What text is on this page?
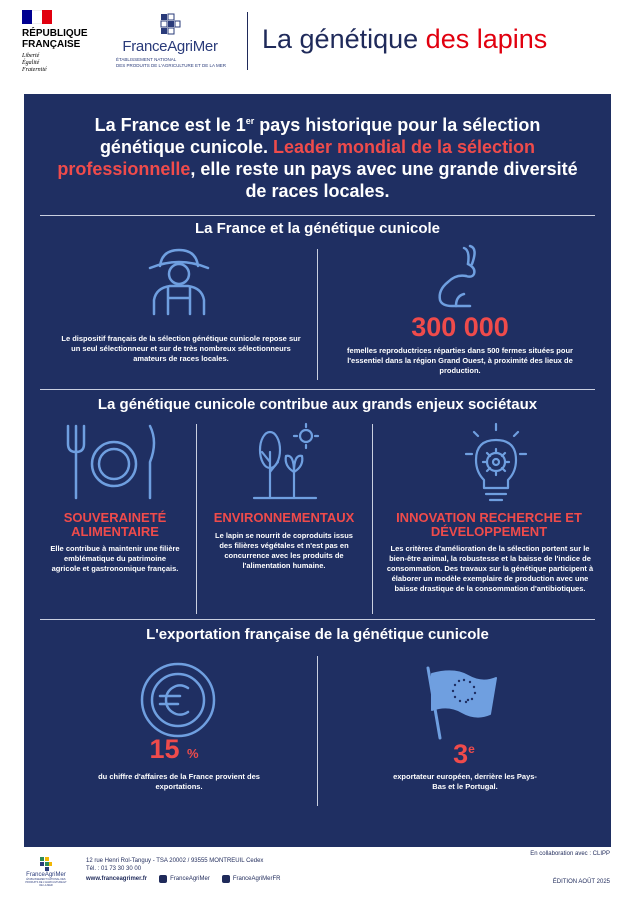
RÉPUBLIQUE
FRANÇAISE
Liberté
Égalité
Fraternité
FranceAgriMer
ÉTABLISSEMENT NATIONAL
DES PRODUITS DE L'AGRICULTURE ET DE LA MER
La génétique des lapins
La France est le 1er pays historique pour la sélection génétique cunicole. Leader mondial de la sélection professionnelle, elle reste un pays avec une grande diversité de races locales.
La France et la génétique cunicole
Le dispositif français de la sélection génétique cunicole repose sur un seul sélectionneur et sur de très nombreux sélectionneurs amateurs de races locales.
300 000
femelles reproductrices réparties dans 500 fermes situées pour l'essentiel dans la région Grand Ouest, à proximité des lieux de production.
La génétique cunicole contribue aux grands enjeux sociétaux
SOUVERAINETÉ ALIMENTAIRE
Elle contribue à maintenir une filière emblématique du patrimoine agricole et gastronomique français.
ENVIRONNEMENTAUX
Le lapin se nourrit de coproduits issus des filières végétales et n'est pas en concurrence avec les produits de l'alimentation humaine.
INNOVATION RECHERCHE ET DÉVELOPPEMENT
Les critères d'amélioration de la sélection portent sur le bien-être animal, la robustesse et la baisse de l'indice de consommation. Des travaux sur la génétique participent à élaborer un modèle exemplaire de production avec une baisse drastique de la consommation d'antibiotiques.
L'exportation française de la génétique cunicole
15 %
du chiffre d'affaires de la France provient des exportations.
3e
exportateur européen, derrière les Pays-Bas et le Portugal.
En collaboration avec : CLIPP
FranceAgriMer
ÉTABLISSEMENT NATIONAL DES PRODUITS DE L'AGRICULTURE ET DE LA MER
12 rue Henri Rol-Tanguy - TSA 20002 / 93555 MONTREUIL Cedex
Tél. : 01 73 30 30 00
www.franceagrimer.fr	FranceAgriMer	FranceAgriMerFR	ÉDITION AOÛT 2025
